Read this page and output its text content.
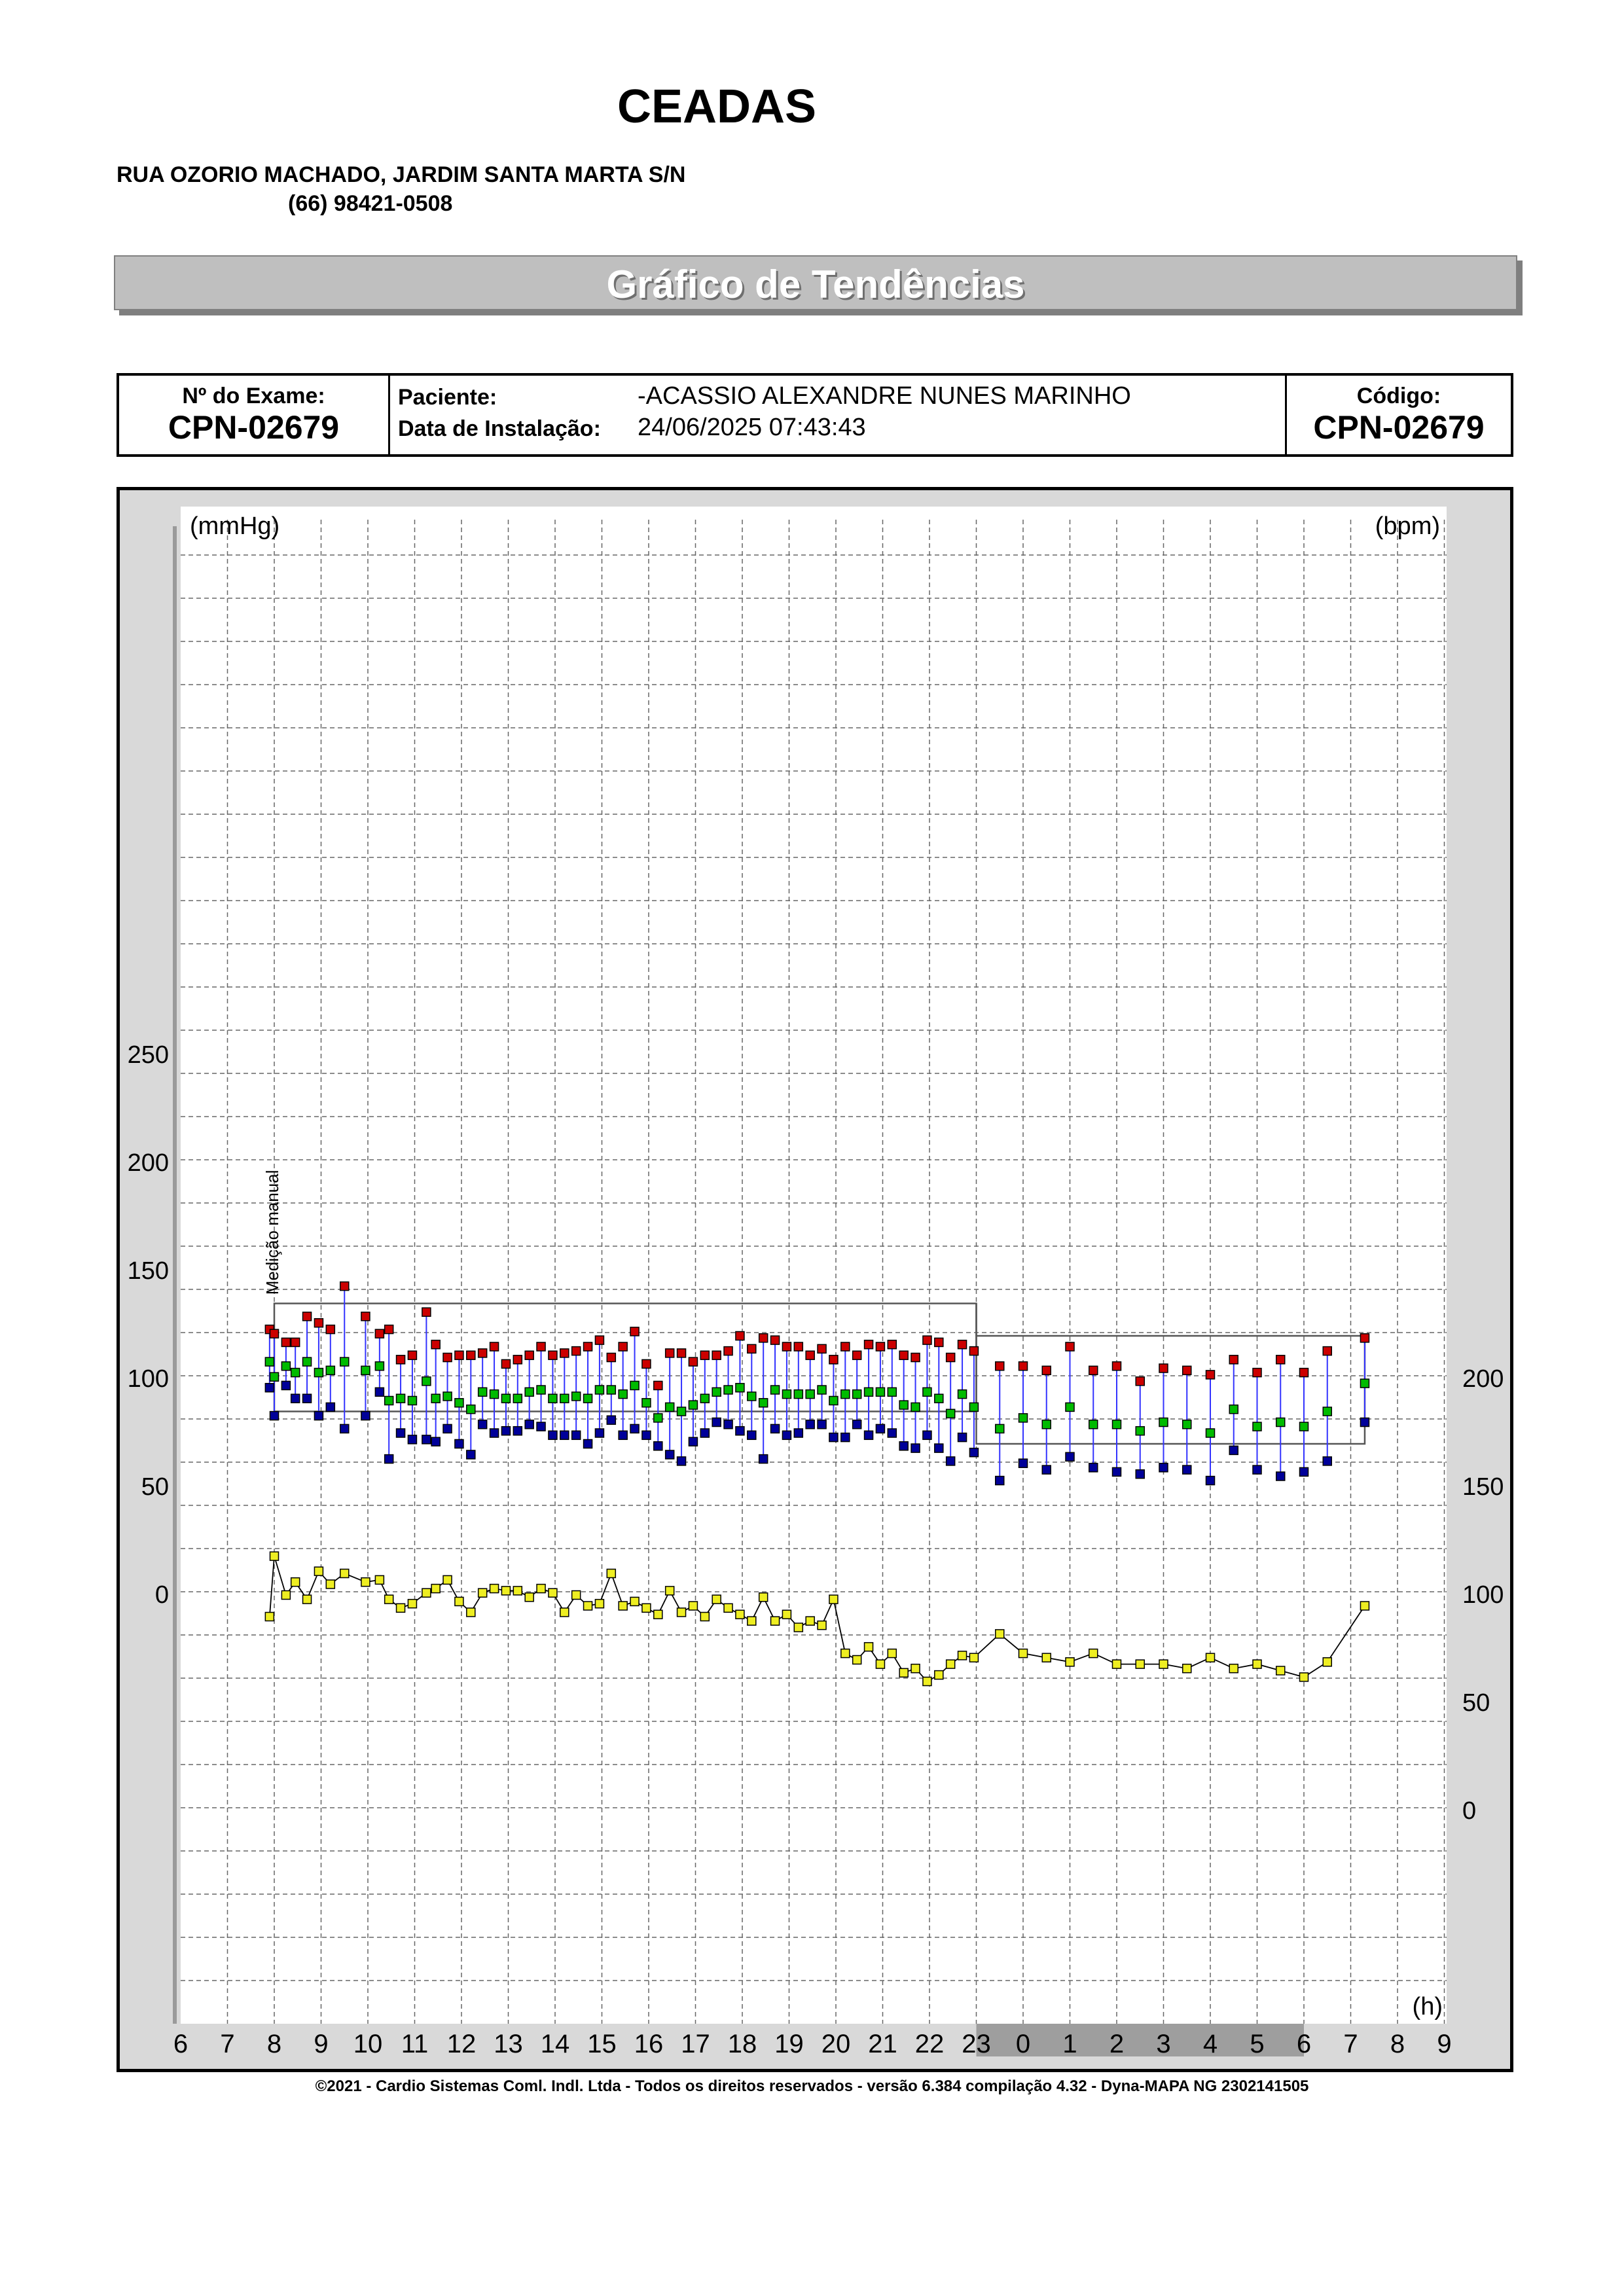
CEADAS
RUA OZORIO MACHADO, JARDIM SANTA MARTA S/N
(66) 98421-0508
Gráfico de Tendências
Nº do Exame:
CPN-02679
Paciente:	-ACASSIO ALEXANDRE NUNES MARINHO
Data de Instalação: 24/06/2025 07:43:43
Código:
CPN-02679
Medição manual
250
200
150
100
50
0
200
150
100
50
0
(mmHg)	(bpm)
(h)
6 7 8 9 10 11 12 13 14 15 16 17 18 19 20 21 22 23 0 1 2 3 4 5 6 7 8 9
©2021 - Cardio Sistemas Coml. Indl. Ltda - Todos os direitos reservados - versão 6.384 compilação 4.32 - Dyna-MAPA NG 2302141505
